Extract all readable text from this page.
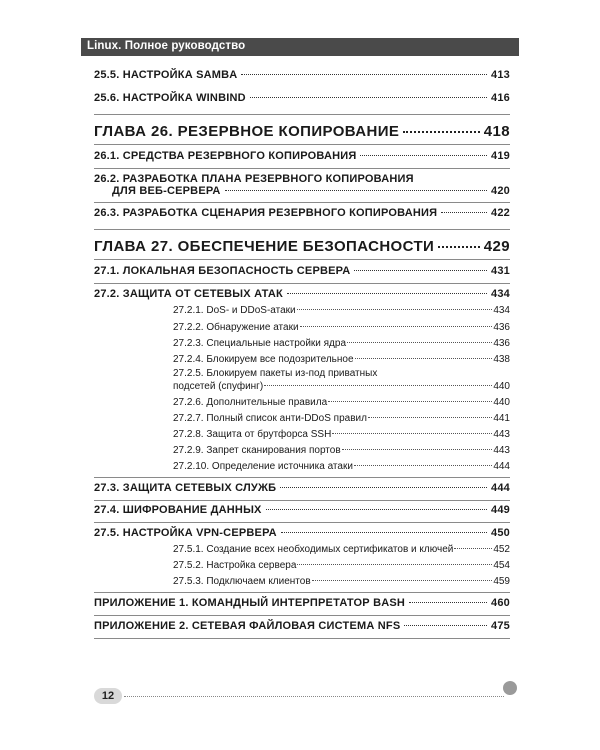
Linux. Полное руководство
25.5. НАСТРОЙКА SAMBA	413
25.6. НАСТРОЙКА WINBIND	416
ГЛАВА 26. РЕЗЕРВНОЕ КОПИРОВАНИЕ	418
26.1. СРЕДСТВА РЕЗЕРВНОГО КОПИРОВАНИЯ	419
26.2. РАЗРАБОТКА ПЛАНА РЕЗЕРВНОГО КОПИРОВАНИЯ
ДЛЯ ВЕБ-СЕРВЕРА	420
26.3. РАЗРАБОТКА СЦЕНАРИЯ РЕЗЕРВНОГО КОПИРОВАНИЯ	422
ГЛАВА 27. ОБЕСПЕЧЕНИЕ БЕЗОПАСНОСТИ	429
27.1. ЛОКАЛЬНАЯ БЕЗОПАСНОСТЬ СЕРВЕРА	431
27.2. ЗАЩИТА ОТ СЕТЕВЫХ АТАК	434
27.2.1. DoS- и DDoS-атаки	434
27.2.2. Обнаружение атаки	436
27.2.3. Специальные настройки ядра	436
27.2.4. Блокируем все подозрительное	438
27.2.5. Блокируем пакеты из-под приватных
подсетей (спуфинг)	440
27.2.6. Дополнительные правила	440
27.2.7. Полный список анти-DDoS правил	441
27.2.8. Защита от брутфорса SSH	443
27.2.9. Запрет сканирования портов	443
27.2.10. Определение источника атаки	444
27.3. ЗАЩИТА СЕТЕВЫХ СЛУЖБ	444
27.4. ШИФРОВАНИЕ ДАННЫХ	449
27.5. НАСТРОЙКА VPN-СЕРВЕРА	450
27.5.1. Создание всех необходимых сертификатов и ключей	452
27.5.2. Настройка сервера	454
27.5.3. Подключаем клиентов	459
ПРИЛОЖЕНИЕ 1. КОМАНДНЫЙ ИНТЕРПРЕТАТОР BASH	460
ПРИЛОЖЕНИЕ 2. СЕТЕВАЯ ФАЙЛОВАЯ СИСТЕМА NFS	475
12
